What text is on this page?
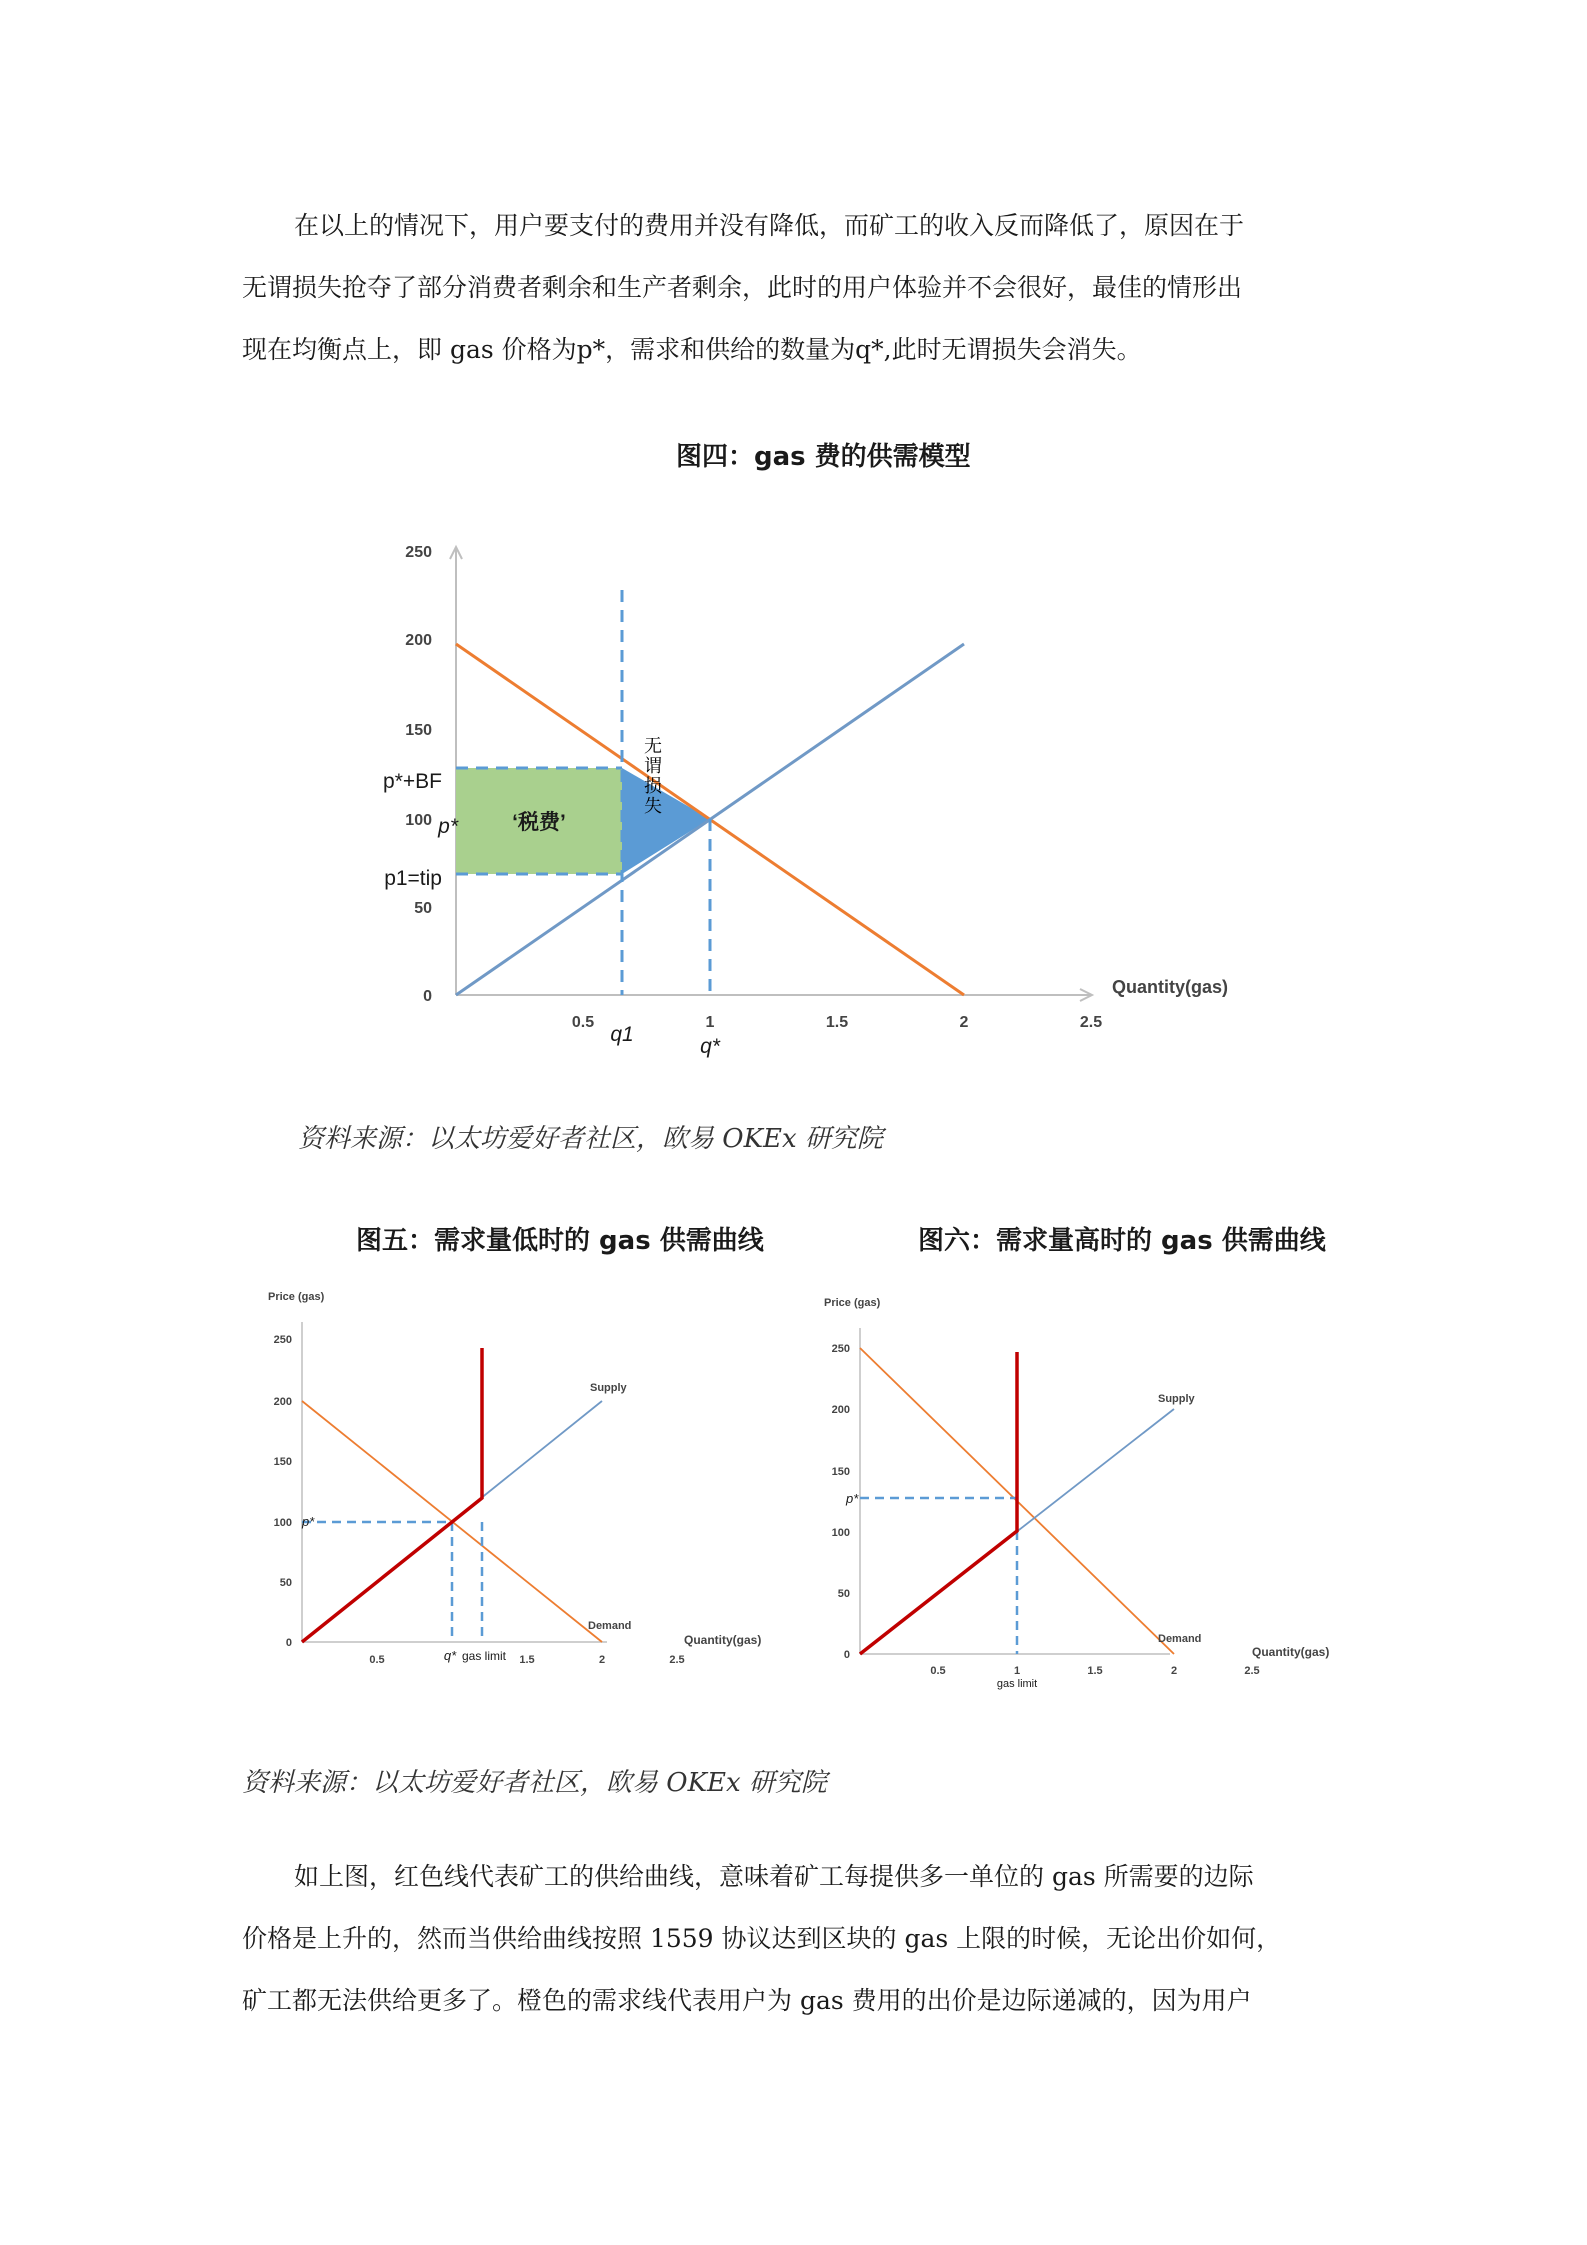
在以上的情况下，用户要支付的费用并没有降低，而矿工的收入反而降低了，原因在于
无谓损失抢夺了部分消费者剩余和生产者剩余，此时的用户体验并不会很好，最佳的情形出
现在均衡点上，即 gas 价格为p*，需求和供给的数量为q*,此时无谓损失会消失。
图四：gas 费的供需模型
250
200
150
100
50
0
0.5	1	1.5	2	2.5
Quantity(gas)
p*+BF
p*
p1=tip
q1
q*
‘税费’
无谓损失
资料来源：以太坊爱好者社区，欧易 OKEx 研究院
图五：需求量低时的 gas 供需曲线	图六：需求量高时的 gas 供需曲线
Price (gas)
250
200
150
100
50
0
0.5	1.5	2	2.5
Quantity(gas)
Supply
Demand
p*
q* gas limit
Price (gas)
250
200
150
100
50
0
0.5	1	1.5	2	2.5
Quantity(gas)
Supply
Demand
p*
gas limit
资料来源：以太坊爱好者社区，欧易 OKEx 研究院
如上图，红色线代表矿工的供给曲线，意味着矿工每提供多一单位的 gas 所需要的边际
价格是上升的，然而当供给曲线按照 1559 协议达到区块的 gas 上限的时候，无论出价如何，
矿工都无法供给更多了。橙色的需求线代表用户为 gas 费用的出价是边际递减的，因为用户
